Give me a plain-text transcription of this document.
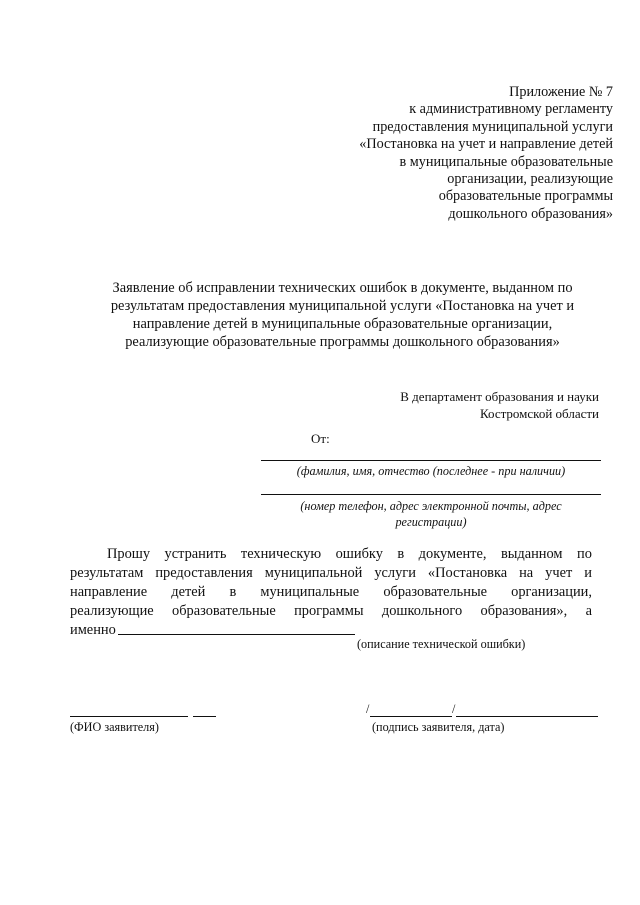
Приложение № 7
к административному регламенту
предоставления муниципальной услуги
«Постановка на учет и направление детей
в муниципальные образовательные
организации, реализующие
образовательные программы
дошкольного образования»
Заявление об исправлении технических ошибок в документе, выданном по
результатам предоставления муниципальной услуги «Постановка на учет и
направление детей в муниципальные образовательные организации,
реализующие образовательные программы дошкольного образования»
В департамент образования и науки
Костромской области
От:
(фамилия, имя, отчество (последнее - при наличии)
(номер телефон, адрес электронной почты, адрес
регистрации)
Прошу устранить техническую ошибку в документе, выданном по
результатам предоставления муниципальной услуги «Постановка на учет и
направление детей в муниципальные образовательные организации,
реализующие образовательные программы дошкольного образования», а
именно
(описание технической ошибки)
(ФИО заявителя)
/	/
(подпись заявителя, дата)
